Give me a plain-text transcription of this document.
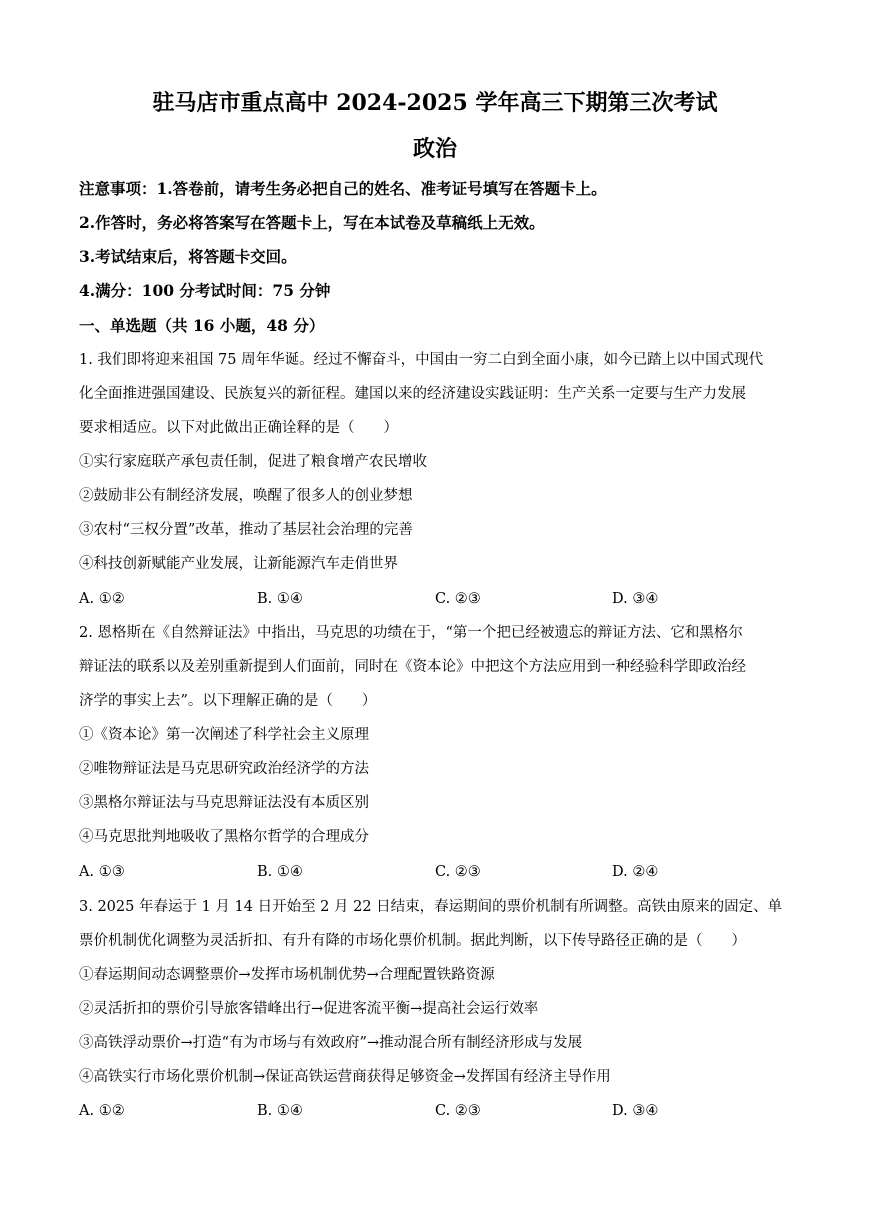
驻马店市重点高中 2024-2025 学年高三下期第三次考试
政治
注意事项：1.答卷前，请考生务必把自己的姓名、准考证号填写在答题卡上。
2.作答时，务必将答案写在答题卡上，写在本试卷及草稿纸上无效。
3.考试结束后，将答题卡交回。
4.满分：100 分考试时间：75 分钟
一、单选题（共 16 小题，48 分）
1. 我们即将迎来祖国 75 周年华诞。经过不懈奋斗，中国由一穷二白到全面小康，如今已踏上以中国式现代
化全面推进强国建设、民族复兴的新征程。建国以来的经济建设实践证明：生产关系一定要与生产力发展
要求相适应。以下对此做出正确诠释的是（　　）
①实行家庭联产承包责任制，促进了粮食增产农民增收
②鼓励非公有制经济发展，唤醒了很多人的创业梦想
③农村“三权分置”改革，推动了基层社会治理的完善
④科技创新赋能产业发展，让新能源汽车走俏世界
A. ①②	B. ①④	C. ②③	D. ③④
2. 恩格斯在《自然辩证法》中指出，马克思的功绩在于，“第一个把已经被遗忘的辩证方法、它和黑格尔
辩证法的联系以及差别重新提到人们面前，同时在《资本论》中把这个方法应用到一种经验科学即政治经
济学的事实上去”。以下理解正确的是（　　）
①《资本论》第一次阐述了科学社会主义原理
②唯物辩证法是马克思研究政治经济学的方法
③黑格尔辩证法与马克思辩证法没有本质区别
④马克思批判地吸收了黑格尔哲学的合理成分
A. ①③	B. ①④	C. ②③	D. ②④
3. 2025 年春运于 1 月 14 日开始至 2 月 22 日结束，春运期间的票价机制有所调整。高铁由原来的固定、单
票价机制优化调整为灵活折扣、有升有降的市场化票价机制。据此判断，以下传导路径正确的是（　　）
①春运期间动态调整票价→发挥市场机制优势→合理配置铁路资源
②灵活折扣的票价引导旅客错峰出行→促进客流平衡→提高社会运行效率
③高铁浮动票价→打造“有为市场与有效政府”→推动混合所有制经济形成与发展
④高铁实行市场化票价机制→保证高铁运营商获得足够资金→发挥国有经济主导作用
A. ①②	B. ①④	C. ②③	D. ③④
